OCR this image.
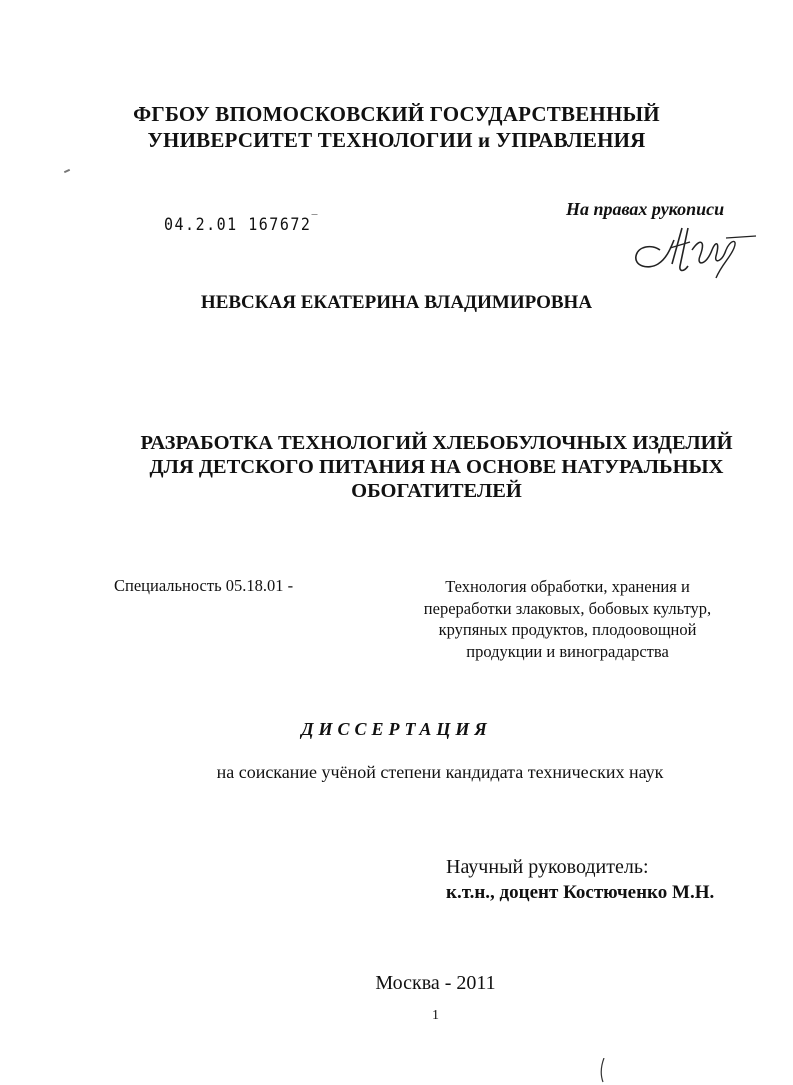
ФГБОУ ВПОМОСКОВСКИЙ ГОСУДАРСТВЕННЫЙ
УНИВЕРСИТЕТ ТЕХНОЛОГИИ и УПРАВЛЕНИЯ
04.2.01 167672‾
На правах рукописи
НЕВСКАЯ ЕКАТЕРИНА ВЛАДИМИРОВНА
РАЗРАБОТКА ТЕХНОЛОГИЙ ХЛЕБОБУЛОЧНЫХ ИЗДЕЛИЙ
ДЛЯ ДЕТСКОГО ПИТАНИЯ НА ОСНОВЕ НАТУРАЛЬНЫХ
ОБОГАТИТЕЛЕЙ
Специальность 05.18.01 -	Технология обработки, хранения и
переработки злаковых, бобовых культур,
крупяных продуктов, плодоовощной
продукции и виноградарства
ДИССЕРТАЦИЯ
на соискание учёной степени кандидата технических наук
Научный руководитель:
к.т.н., доцент Костюченко М.Н.
Москва - 2011
1
